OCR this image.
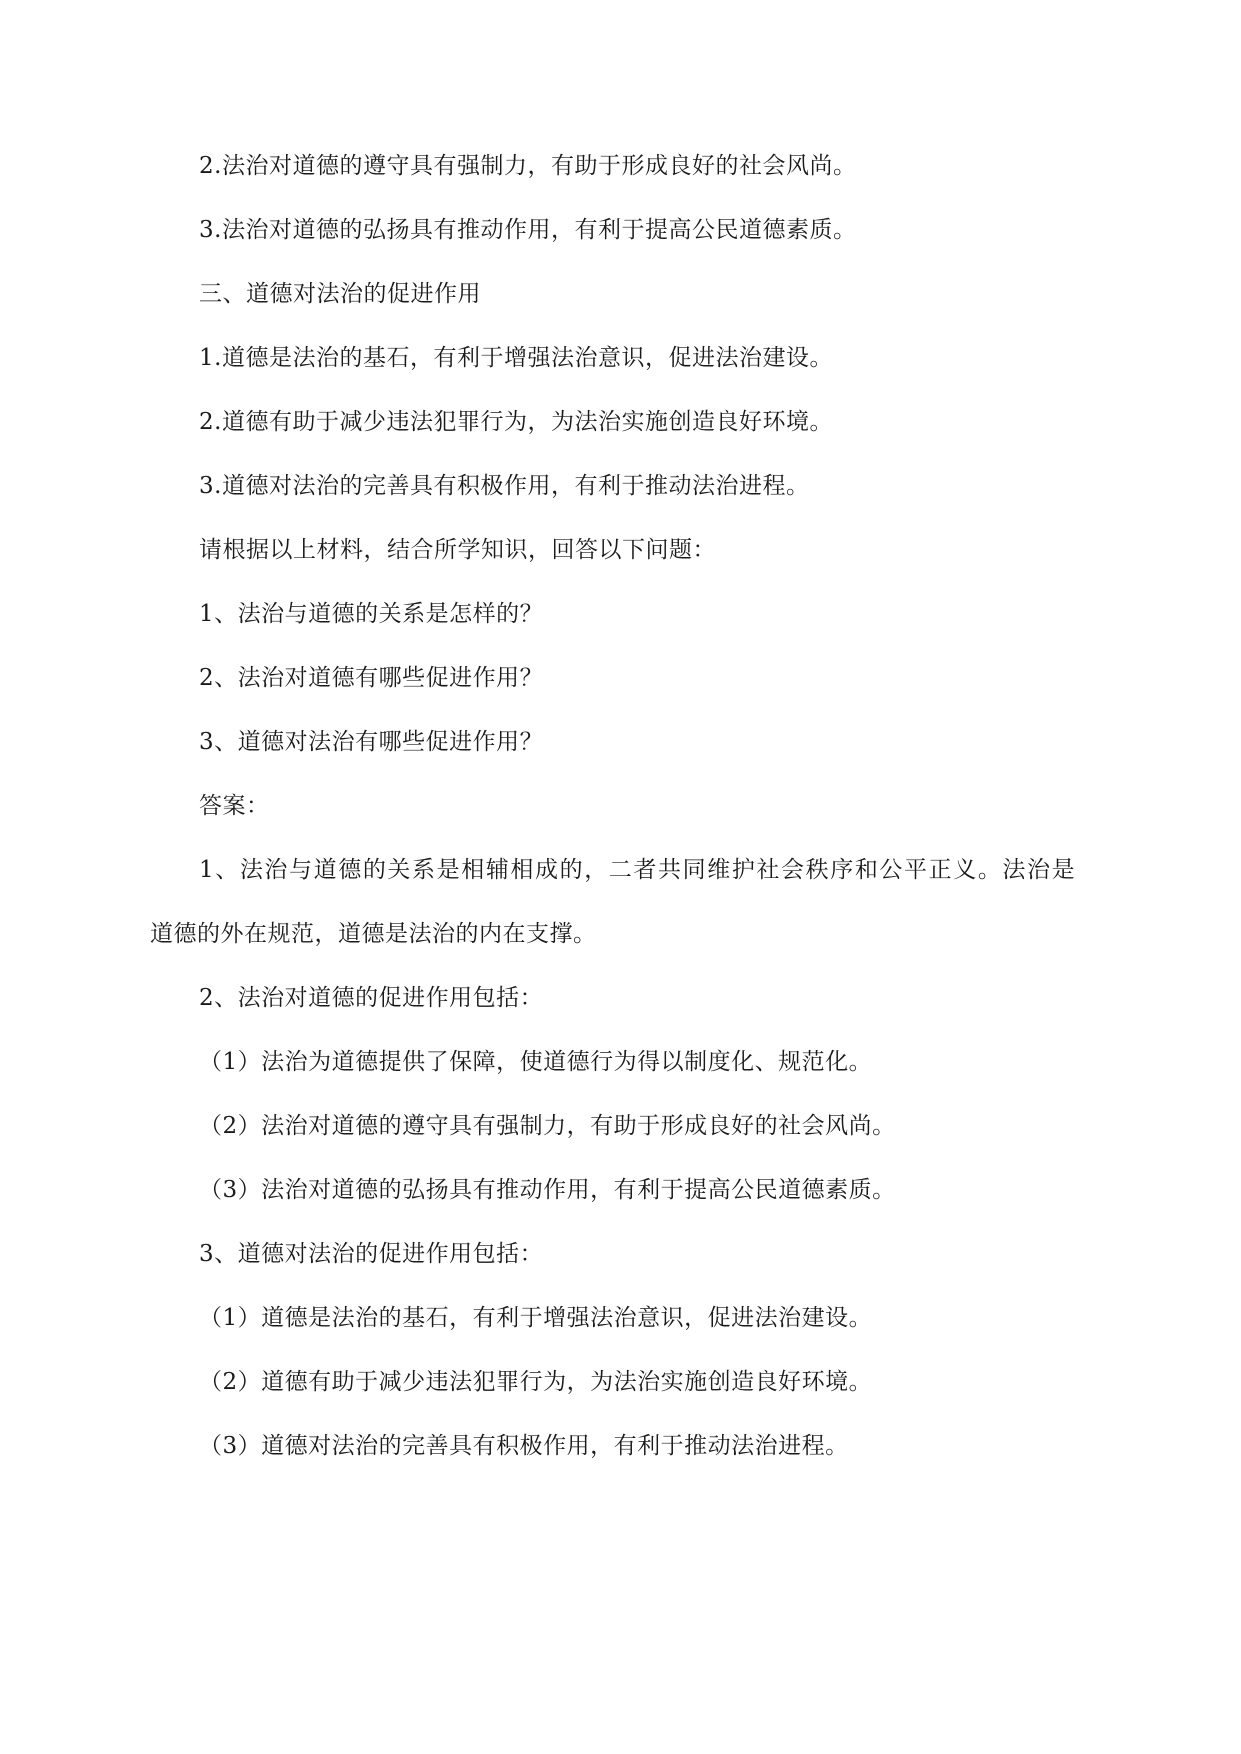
2.法治对道德的遵守具有强制力，有助于形成良好的社会风尚。
3.法治对道德的弘扬具有推动作用，有利于提高公民道德素质。
三、道德对法治的促进作用
1.道德是法治的基石，有利于增强法治意识，促进法治建设。
2.道德有助于减少违法犯罪行为，为法治实施创造良好环境。
3.道德对法治的完善具有积极作用，有利于推动法治进程。
请根据以上材料，结合所学知识，回答以下问题：
1、法治与道德的关系是怎样的？
2、法治对道德有哪些促进作用？
3、道德对法治有哪些促进作用？
答案：
1、法治与道德的关系是相辅相成的，二者共同维护社会秩序和公平正义。法治是
道德的外在规范，道德是法治的内在支撑。
2、法治对道德的促进作用包括：
（1）法治为道德提供了保障，使道德行为得以制度化、规范化。
（2）法治对道德的遵守具有强制力，有助于形成良好的社会风尚。
（3）法治对道德的弘扬具有推动作用，有利于提高公民道德素质。
3、道德对法治的促进作用包括：
（1）道德是法治的基石，有利于增强法治意识，促进法治建设。
（2）道德有助于减少违法犯罪行为，为法治实施创造良好环境。
（3）道德对法治的完善具有积极作用，有利于推动法治进程。
